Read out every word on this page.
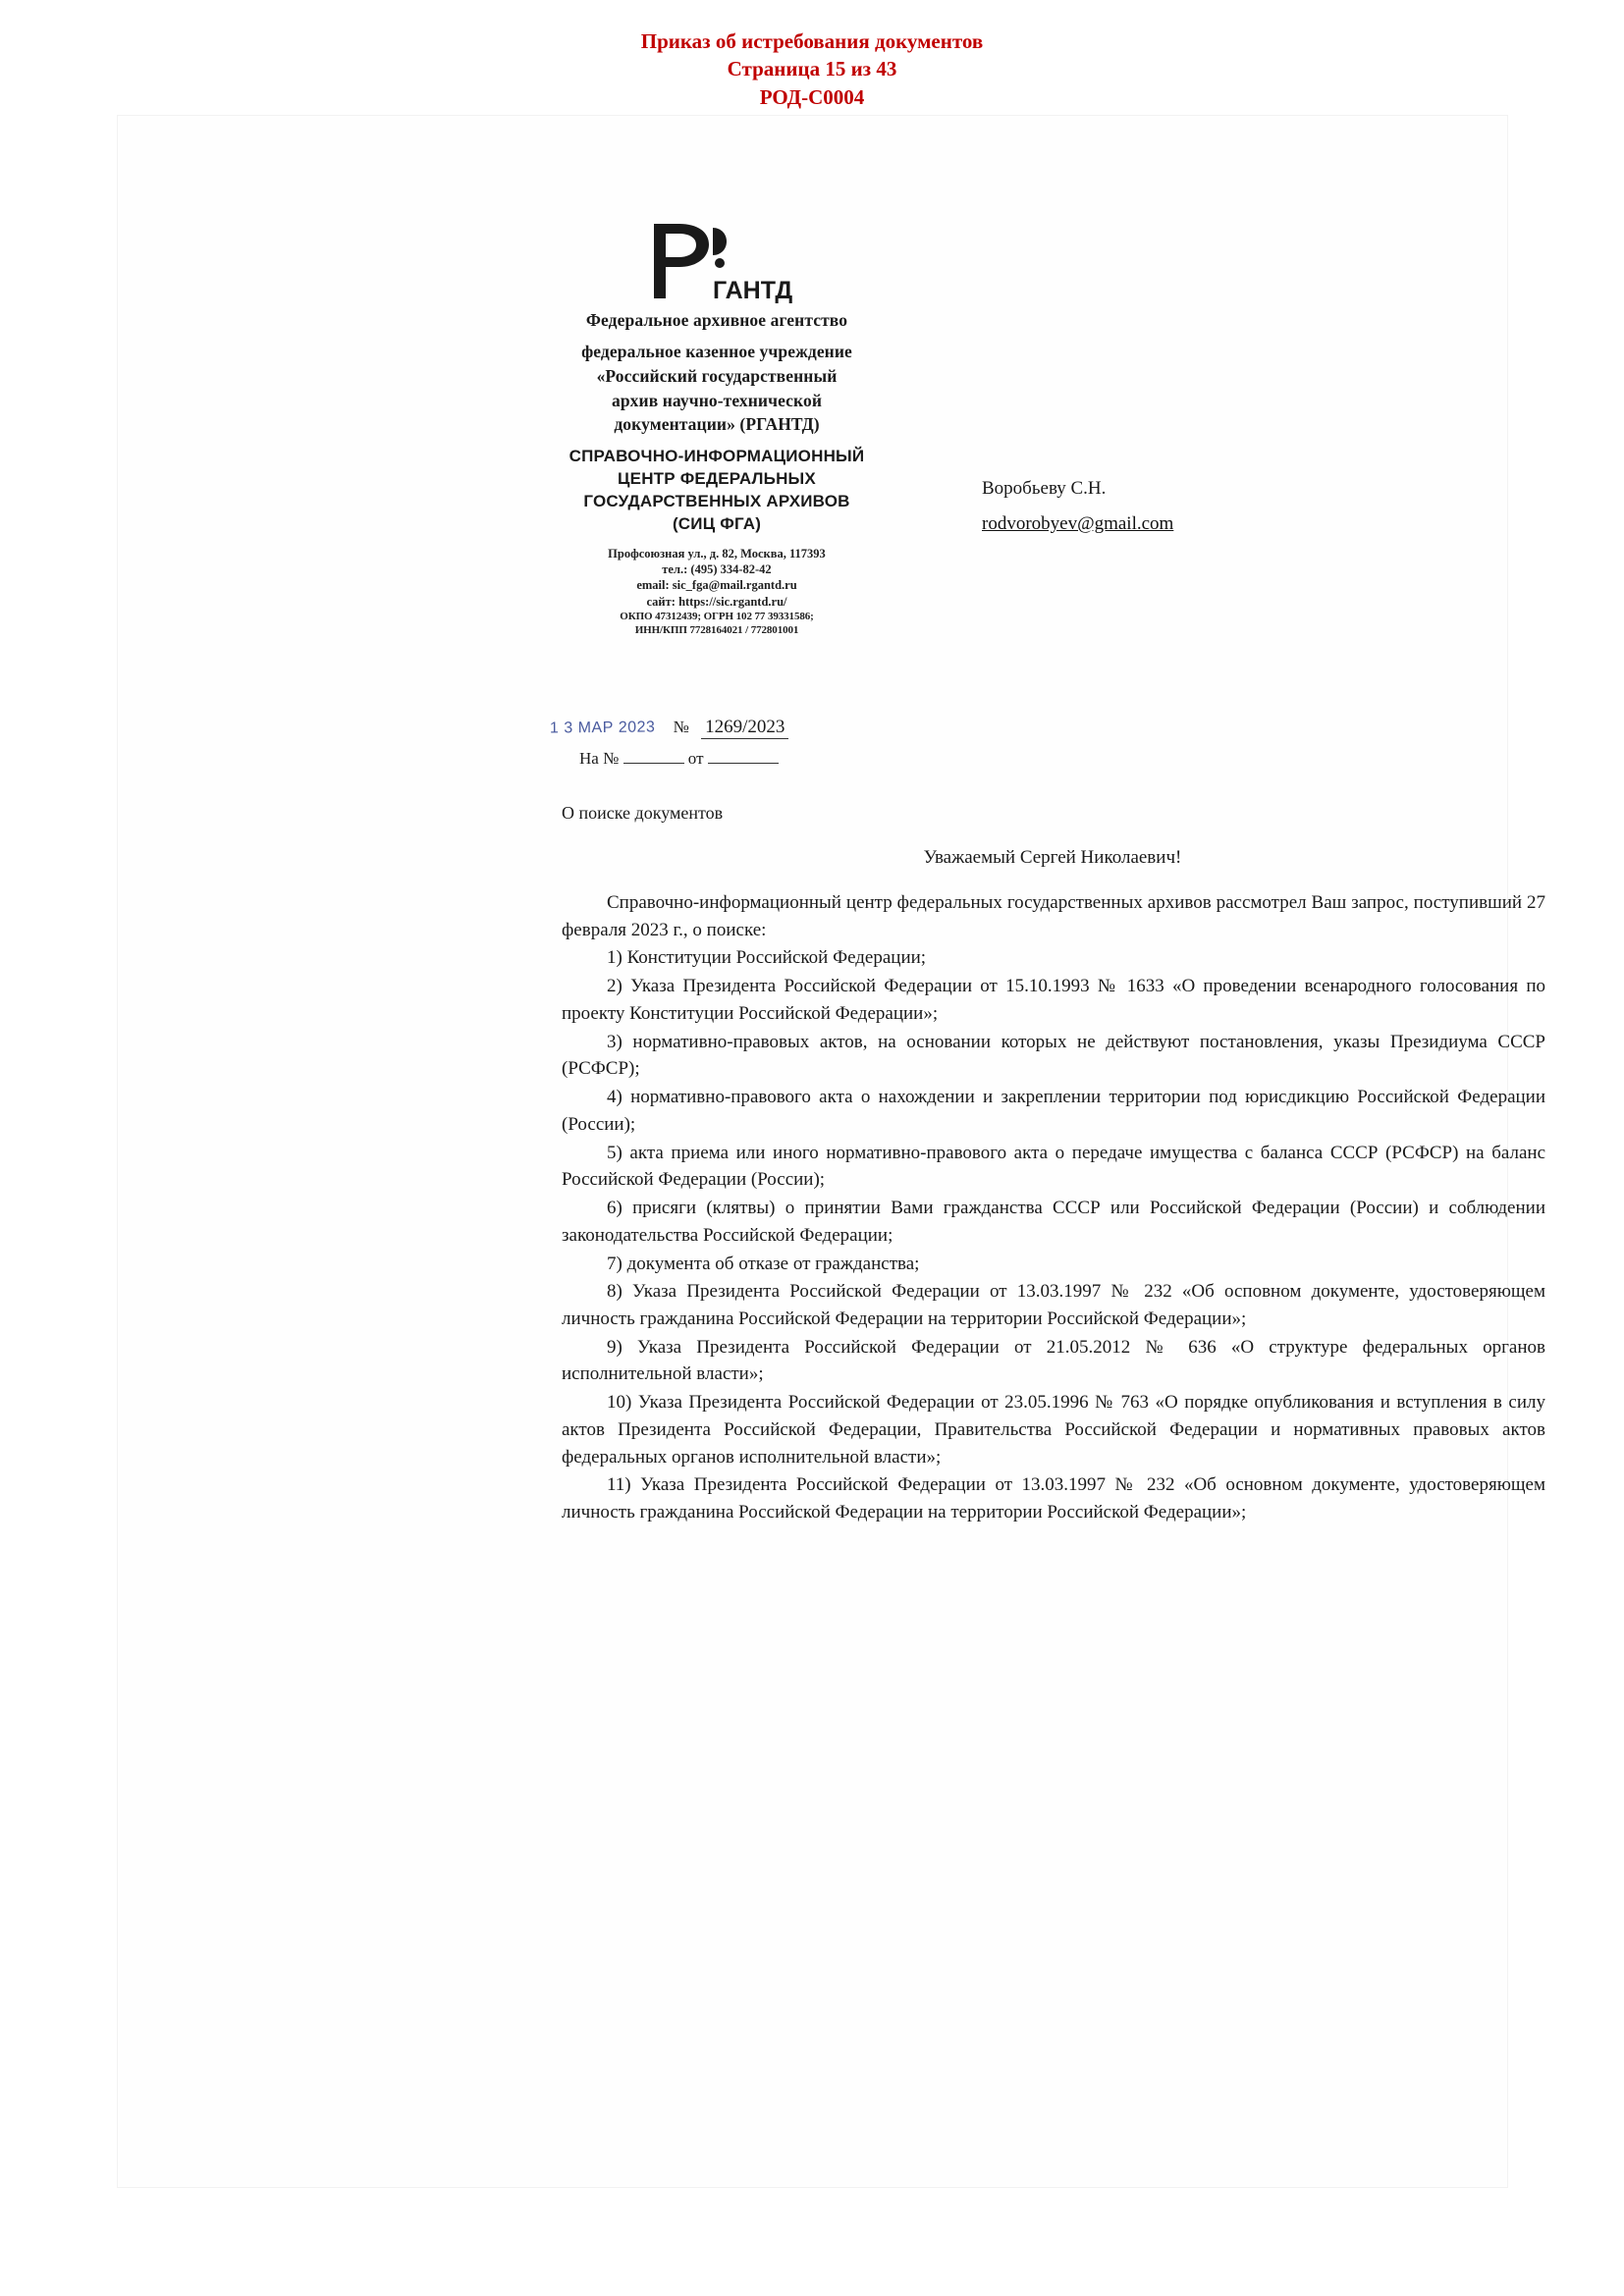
Приказ об истребования документов
Страница 15 из 43
РОД-С0004
ГАНТД
Федеральное архивное агентство
федеральное казенное учреждение
«Российский государственный
архив научно-технической
документации» (РГАНТД)
СПРАВОЧНО-ИНФОРМАЦИОННЫЙ
ЦЕНТР ФЕДЕРАЛЬНЫХ
ГОСУДАРСТВЕННЫХ АРХИВОВ
(СИЦ ФГА)
Профсоюзная ул., д. 82, Москва, 117393
тел.: (495) 334-82-42
email: sic_fga@mail.rgantd.ru
сайт: https://sic.rgantd.ru/
ОКПО 47312439; ОГРН 102 77 39331586;
ИНН/КПП 7728164021 / 772801001
1 3 МАР 2023 № 1269/2023
На №	от
Воробьеву С.Н.
rodvorobyev@gmail.com
О поиске документов
Уважаемый Сергей Николаевич!

Справочно-информационный центр федеральных государственных архивов рассмотрел Ваш запрос, поступивший 27 февраля 2023 г., о поиске:

1) Конституции Российской Федерации;

2) Указа Президента Российской Федерации от 15.10.1993 № 1633 «О проведении всенародного голосования по проекту Конституции Российской Федерации»;

3) нормативно-правовых актов, на основании которых не действуют постановления, указы Президиума СССР (РСФСР);

4) нормативно-правового акта о нахождении и закреплении территории под юрисдикцию Российской Федерации (России);

5) акта приема или иного нормативно-правового акта о передаче имущества с баланса СССР (РСФСР) на баланс Российской Федерации (России);

6) присяги (клятвы) о принятии Вами гражданства СССР или Российской Федерации (России) и соблюдении законодательства Российской Федерации;

7) документа об отказе от гражданства;

8) Указа Президента Российской Федерации от 13.03.1997 № 232 «Об осповном документе, удостоверяющем личность гражданина Российской Федерации на территории Российской Федерации»;

9) Указа Президента Российской Федерации от 21.05.2012 № 636 «О структуре федеральных органов исполнительной власти»;

10) Указа Президента Российской Федерации от 23.05.1996 № 763 «О порядке опубликования и вступления в силу актов Президента Российской Федерации, Правительства Российской Федерации и нормативных правовых актов федеральных органов исполнительной власти»;

11) Указа Президента Российской Федерации от 13.03.1997 № 232 «Об основном документе, удостоверяющем личность гражданина Российской Федерации на территории Российской Федерации»;
